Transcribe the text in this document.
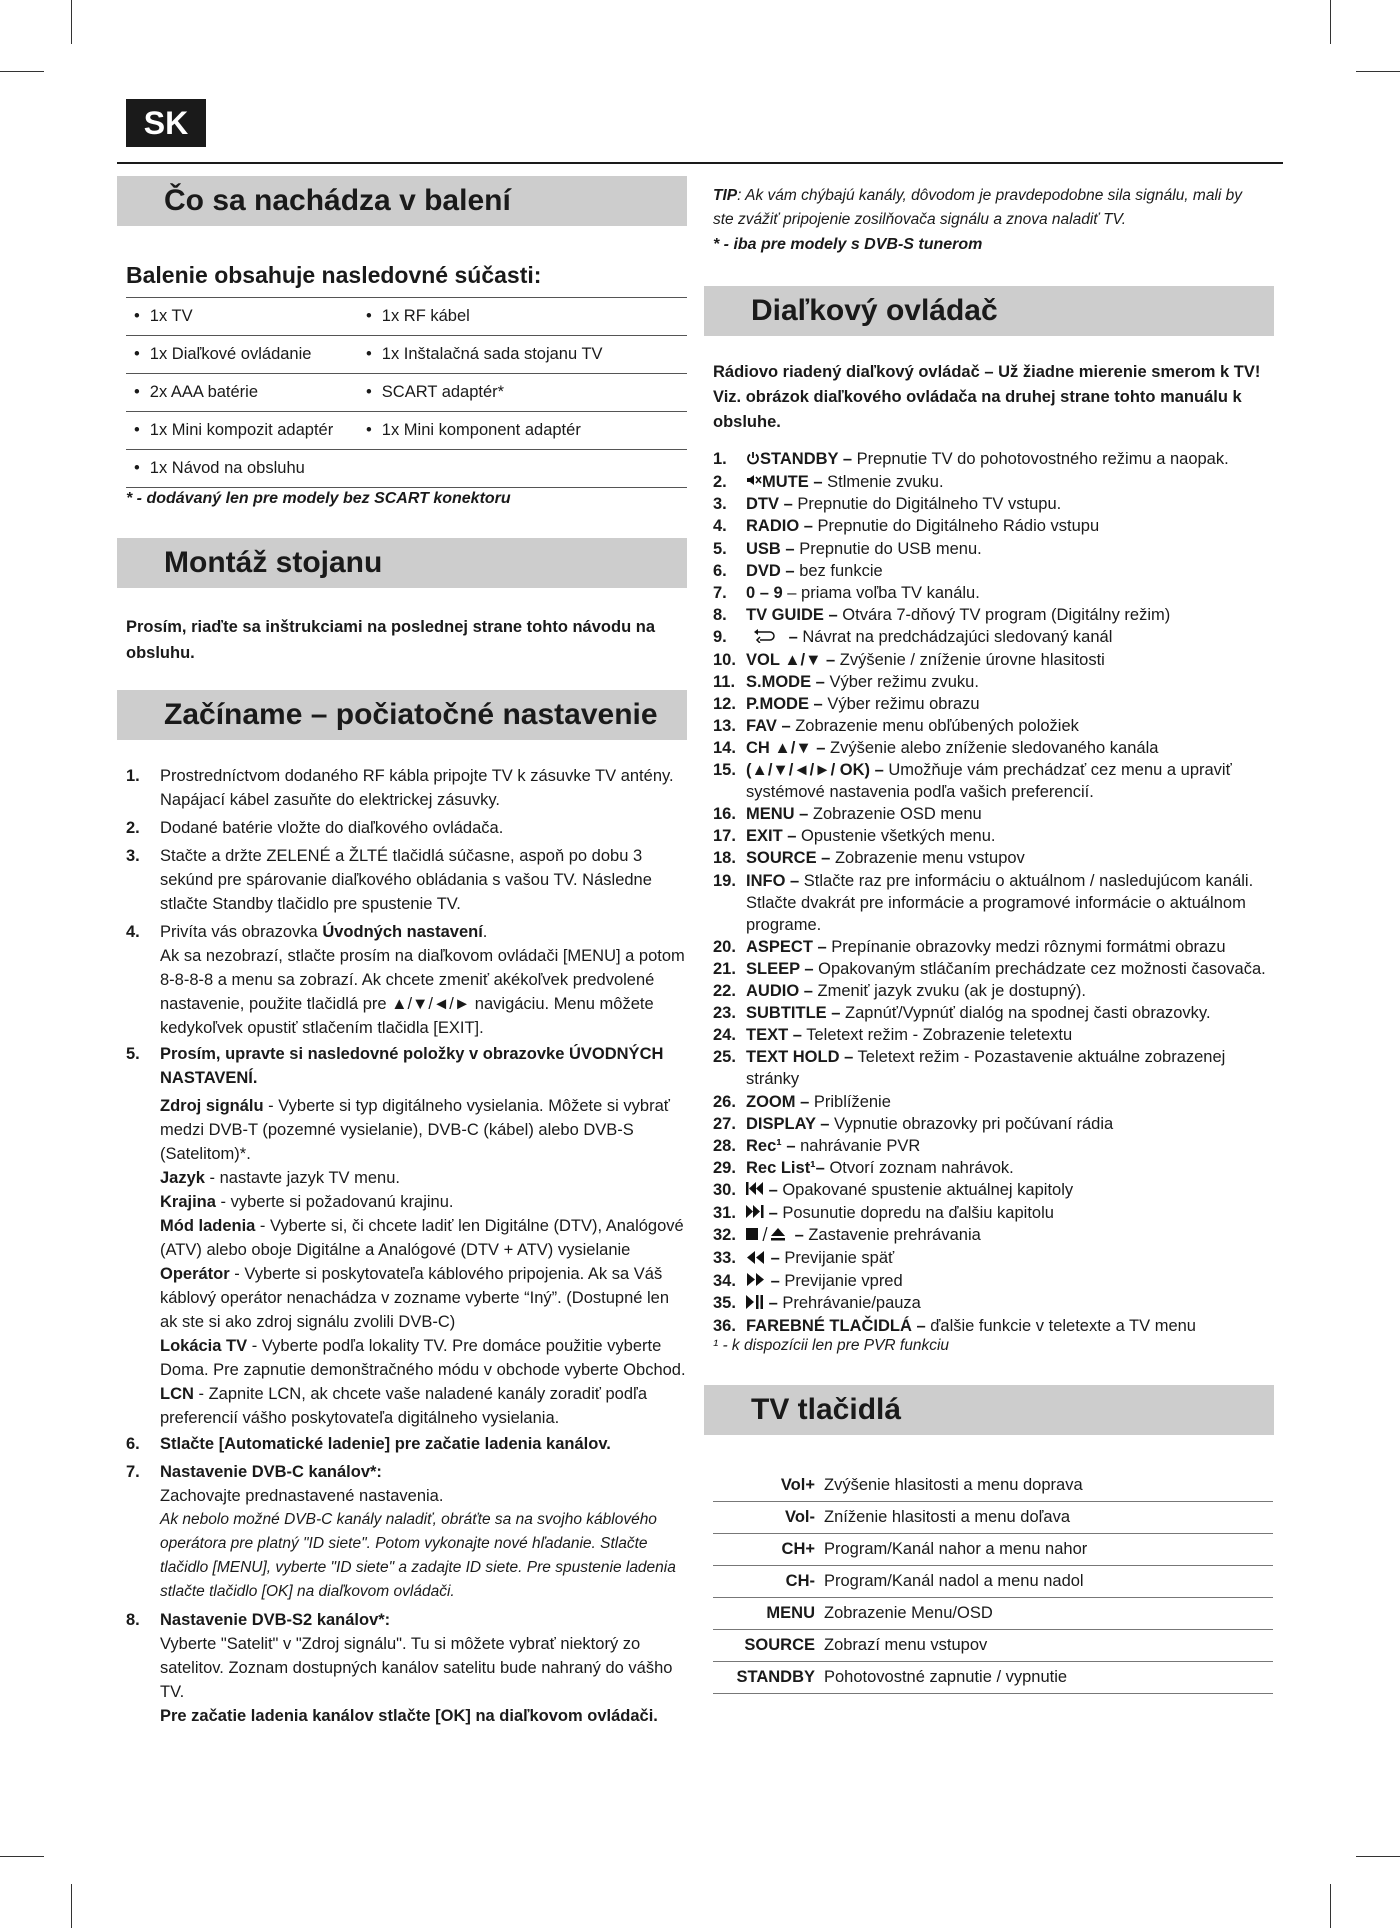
SK
Čo sa nachádza v balení
Balenie obsahuje nasledovné súčasti:
• 1x TV	• 1x RF kábel
• 1x Diaľkové ovládanie	• 1x Inštalačná sada stojanu TV
• 2x AAA batérie	• SCART adaptér*
• 1x Mini kompozit adaptér	• 1x Mini komponent adaptér
• 1x Návod na obsluhu	
* - dodávaný len pre modely bez SCART konektoru
Montáž stojanu
Prosím, riaďte sa inštrukciami na poslednej strane tohto návodu na obsluhu.
Začíname – počiatočné nastavenie
1. Prostredníctvom dodaného RF kábla pripojte TV k zásuvke TV antény. Napájací kábel zasuňte do elektrickej zásuvky.
2. Dodané batérie vložte do diaľkového ovládača.
3. Stačte a držte ZELENÉ a ŽLTÉ tlačidlá súčasne, aspoň po dobu 3 sekúnd pre spárovanie diaľkového obládania s vašou TV. Následne stlačte Standby tlačidlo pre spustenie TV.
4. Privíta vás obrazovka Úvodných nastavení.
Ak sa nezobrazí, stlačte prosím na diaľkovom ovládači [MENU] a potom 8-8-8-8 a menu sa zobrazí. Ak chcete zmeniť akékoľvek predvolené nastavenie, použite tlačidlá pre ▲/▼/◄/► navigáciu. Menu môžete kedykoľvek opustiť stlačením tlačidla [EXIT].
5. Prosím, upravte si nasledovné položky v obrazovke ÚVODNÝCH NASTAVENÍ.
Zdroj signálu - Vyberte si typ digitálneho vysielania. Môžete si vybrať medzi DVB-T (pozemné vysielanie), DVB-C (kábel) alebo DVB-S (Satelitom)*.
Jazyk - nastavte jazyk TV menu.
Krajina - vyberte si požadovanú krajinu.
Mód ladenia - Vyberte si, či chcete ladiť len Digitálne (DTV), Analógové (ATV) alebo oboje Digitálne a Analógové (DTV + ATV) vysielanie
Operátor - Vyberte si poskytovateľa káblového pripojenia. Ak sa Váš káblový operátor nenachádza v zozname vyberte “Iný”. (Dostupné len ak ste si ako zdroj signálu zvolili DVB-C)
Lokácia TV - Vyberte podľa lokality TV. Pre domáce použitie vyberte Doma. Pre zapnutie demonštračného módu v obchode vyberte Obchod.
LCN - Zapnite LCN, ak chcete vaše naladené kanály zoradiť podľa preferencií vášho poskytovateľa digitálneho vysielania.
6. Stlačte [Automatické ladenie] pre začatie ladenia kanálov.
7. Nastavenie DVB-C kanálov*:
Zachovajte prednastavené nastavenia.
Ak nebolo možné DVB-C kanály naladiť, obráťte sa na svojho káblového operátora pre platný "ID siete". Potom vykonajte nové hľadanie. Stlačte tlačidlo [MENU], vyberte "ID siete" a zadajte ID siete. Pre spustenie ladenia stlačte tlačidlo [OK] na diaľkovom ovládači.
8. Nastavenie DVB-S2 kanálov*:
Vyberte "Satelit" v "Zdroj signálu". Tu si môžete vybrať niektorý zo satelitov. Zoznam dostupných kanálov satelitu bude nahraný do vášho TV.
Pre začatie ladenia kanálov stlačte [OK] na diaľkovom ovládači.
TIP: Ak vám chýbajú kanály, dôvodom je pravdepodobne sila signálu, mali by ste zvážiť pripojenie zosilňovača signálu a znova naladiť TV.
* - iba pre modely s DVB-S tunerom
Diaľkový ovládač
Rádiovo riadený diaľkový ovládač – Už žiadne mierenie smerom k TV! Viz. obrázok diaľkového ovládača na druhej strane tohto manuálu k obsluhe.
1. STANDBY – Prepnutie TV do pohotovostného režimu a naopak.
2. MUTE – Stlmenie zvuku.
3. DTV – Prepnutie do Digitálneho TV vstupu.
4. RADIO – Prepnutie do Digitálneho Rádio vstupu
5. USB – Prepnutie do USB menu.
6. DVD – bez funkcie
7. 0 – 9 – priama voľba TV kanálu.
8. TV GUIDE – Otvára 7-dňový TV program (Digitálny režim)
9.	– Návrat na predchádzajúci sledovaný kanál
10. VOL ▲/▼ – Zvýšenie / zníženie úrovne hlasitosti
11. S.MODE – Výber režimu zvuku.
12. P.MODE – Výber režimu obrazu
13. FAV – Zobrazenie menu obľúbených položiek
14. CH ▲/▼ – Zvýšenie alebo zníženie sledovaného kanála
15. (▲/▼/◄/►/ OK) – Umožňuje vám prechádzať cez menu a upraviť systémové nastavenia podľa vašich preferencií.
16. MENU – Zobrazenie OSD menu
17. EXIT – Opustenie všetkých menu.
18. SOURCE – Zobrazenie menu vstupov
19. INFO – Stlačte raz pre informáciu o aktuálnom / nasledujúcom kanáli. Stlačte dvakrát pre informácie a programové informácie o aktuálnom programe.
20. ASPECT – Prepínanie obrazovky medzi rôznymi formátmi obrazu
21. SLEEP – Opakovaným stláčaním prechádzate cez možnosti časovača.
22. AUDIO – Zmeniť jazyk zvuku (ak je dostupný).
23. SUBTITLE – Zapnúť/Vypnúť dialóg na spodnej časti obrazovky.
24. TEXT – Teletext režim - Zobrazenie teletextu
25. TEXT HOLD – Teletext režim - Pozastavenie aktuálne zobrazenej stránky
26. ZOOM – Priblíženie
27. DISPLAY – Vypnutie obrazovky pri počúvaní rádia
28. Rec¹ – nahrávanie PVR
29. Rec List¹– Otvorí zoznam nahrávok.
30. – Opakované spustenie aktuálnej kapitoly
31. – Posunutie dopredu na ďalšiu kapitolu
32.	– Zastavenie prehrávania
33. – Previjanie späť
34. – Previjanie vpred
35. – Prehrávanie/pauza
36. FAREBNÉ TLAČIDLÁ – ďalšie funkcie v teletexte a TV menu
¹ - k dispozícii len pre PVR funkciu
TV tlačidlá
Vol+	Zvýšenie hlasitosti a menu doprava
Vol-	Zníženie hlasitosti a menu doľava
CH+	Program/Kanál nahor a menu nahor
CH-	Program/Kanál nadol a menu nadol
MENU	Zobrazenie Menu/OSD
SOURCE	Zobrazí menu vstupov
STANDBY	Pohotovostné zapnutie / vypnutie
